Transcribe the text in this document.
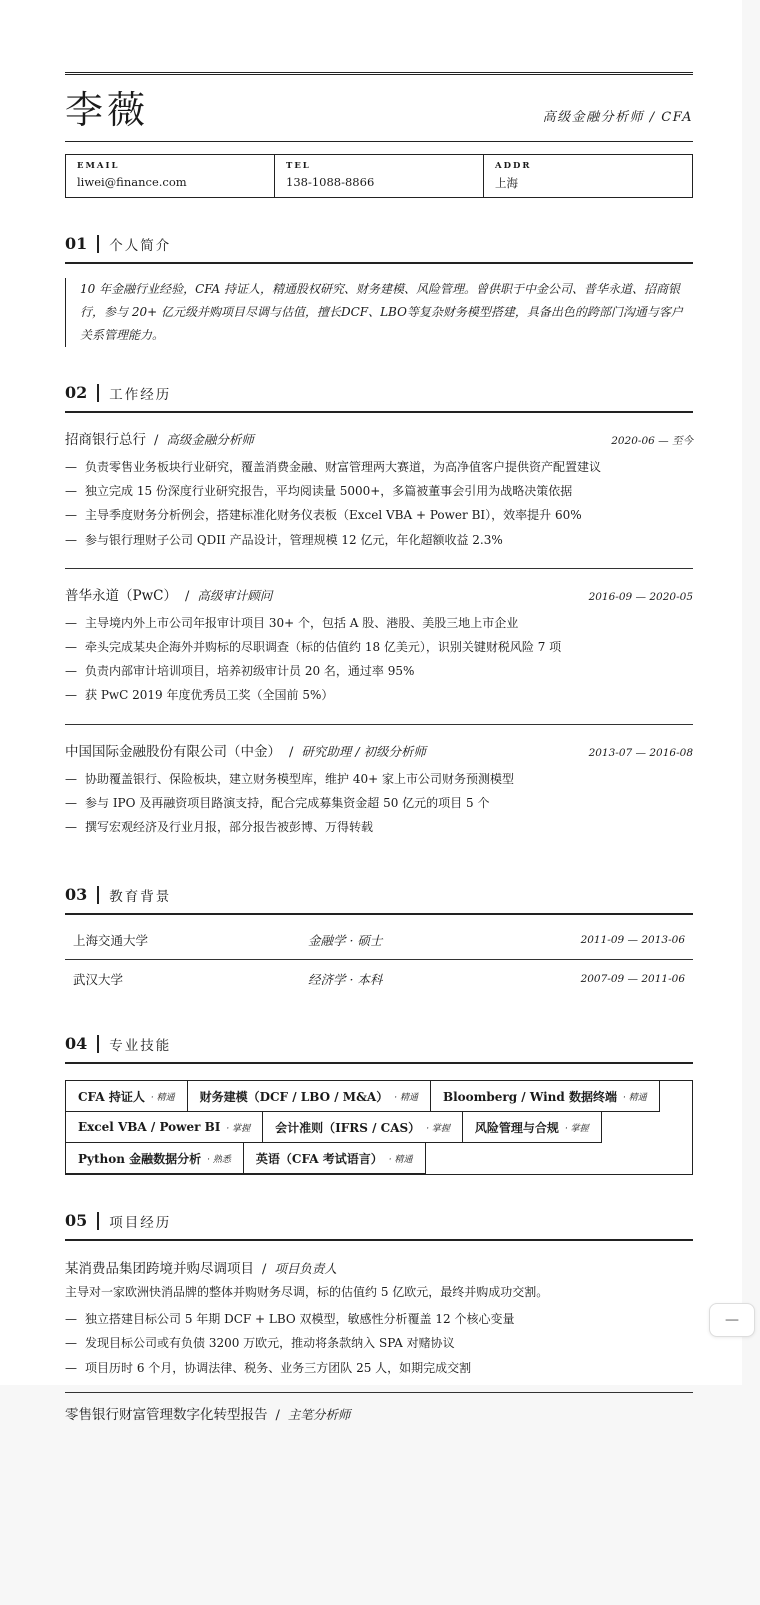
李薇	高级金融分析师 / CFA
EMAIL
liwei@finance.com
TEL
138-1088-8866
ADDR
上海
01	个人简介
10 年金融行业经验，CFA 持证人，精通股权研究、财务建模、风险管理。曾供职于中金公司、普华永道、招商银行，参与 20+ 亿元级并购项目尽调与估值，擅长DCF、LBO等复杂财务模型搭建，具备出色的跨部门沟通与客户关系管理能力。
02	工作经历
招商银行总行 / 高级金融分析师	2020-06 — 至今
— 负责零售业务板块行业研究，覆盖消费金融、财富管理两大赛道，为高净值客户提供资产配置建议
— 独立完成 15 份深度行业研究报告，平均阅读量 5000+，多篇被董事会引用为战略决策依据
— 主导季度财务分析例会，搭建标准化财务仪表板（Excel VBA + Power BI），效率提升 60%
— 参与银行理财子公司 QDII 产品设计，管理规模 12 亿元，年化超额收益 2.3%
普华永道（PwC） / 高级审计顾问	2016-09 — 2020-05
— 主导境内外上市公司年报审计项目 30+ 个，包括 A 股、港股、美股三地上市企业
— 牵头完成某央企海外并购标的尽职调查（标的估值约 18 亿美元），识别关键财税风险 7 项
— 负责内部审计培训项目，培养初级审计员 20 名，通过率 95%
— 获 PwC 2019 年度优秀员工奖（全国前 5%）
中国国际金融股份有限公司（中金） / 研究助理 / 初级分析师	2013-07 — 2016-08
— 协助覆盖银行、保险板块，建立财务模型库，维护 40+ 家上市公司财务预测模型
— 参与 IPO 及再融资项目路演支持，配合完成募集资金超 50 亿元的项目 5 个
— 撰写宏观经济及行业月报，部分报告被彭博、万得转载
03	教育背景
上海交通大学	金融学 · 硕士	2011-09 — 2013-06
武汉大学	经济学 · 本科	2007-09 — 2011-06
04	专业技能
CFA 持证人 · 精通 财务建模（DCF / LBO / M&A） · 精通 Bloomberg / Wind 数据终端 · 精通
Excel VBA / Power BI · 掌握 会计准则（IFRS / CAS） · 掌握 风险管理与合规 · 掌握
Python 金融数据分析 · 熟悉 英语（CFA 考试语言） · 精通
05	项目经历
某消费品集团跨境并购尽调项目 / 项目负责人
主导对一家欧洲快消品牌的整体并购财务尽调，标的估值约 5 亿欧元，最终并购成功交割。
— 独立搭建目标公司 5 年期 DCF + LBO 双模型，敏感性分析覆盖 12 个核心变量
— 发现目标公司或有负债 3200 万欧元，推动将条款纳入 SPA 对赌协议
— 项目历时 6 个月，协调法律、税务、业务三方团队 25 人，如期完成交割
零售银行财富管理数字化转型报告 / 主笔分析师
—
